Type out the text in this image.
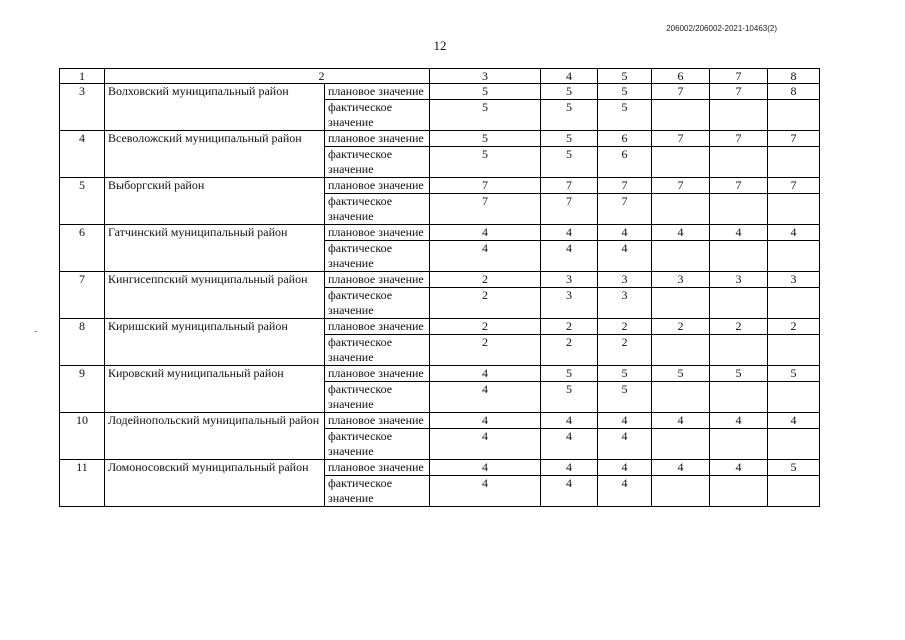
206002/206002-2021-10463(2)
12
-
1	2		3	4	5	6	7	8
3	Волховский муниципальный район	плановое значение	5	5	5	7	7	8
		фактическое значение	5	5	5			
4	Всеволожский муниципальный район	плановое значение	5	5	6	7	7	7
		фактическое значение	5	5	6			
5	Выборгский район	плановое значение	7	7	7	7	7	7
		фактическое значение	7	7	7			
6	Гатчинский муниципальный район	плановое значение	4	4	4	4	4	4
		фактическое значение	4	4	4			
7	Кингисеппский муниципальный район	плановое значение	2	3	3	3	3	3
		фактическое значение	2	3	3			
8	Киришский муниципальный район	плановое значение	2	2	2	2	2	2
		фактическое значение	2	2	2			
9	Кировский муниципальный район	плановое значение	4	5	5	5	5	5
		фактическое значение	4	5	5			
10	Лодейнопольский муниципальный район	плановое значение	4	4	4	4	4	4
		фактическое значение	4	4	4			
11	Ломоносовский муниципальный район	плановое значение	4	4	4	4	4	5
		фактическое значение	4	4	4			
